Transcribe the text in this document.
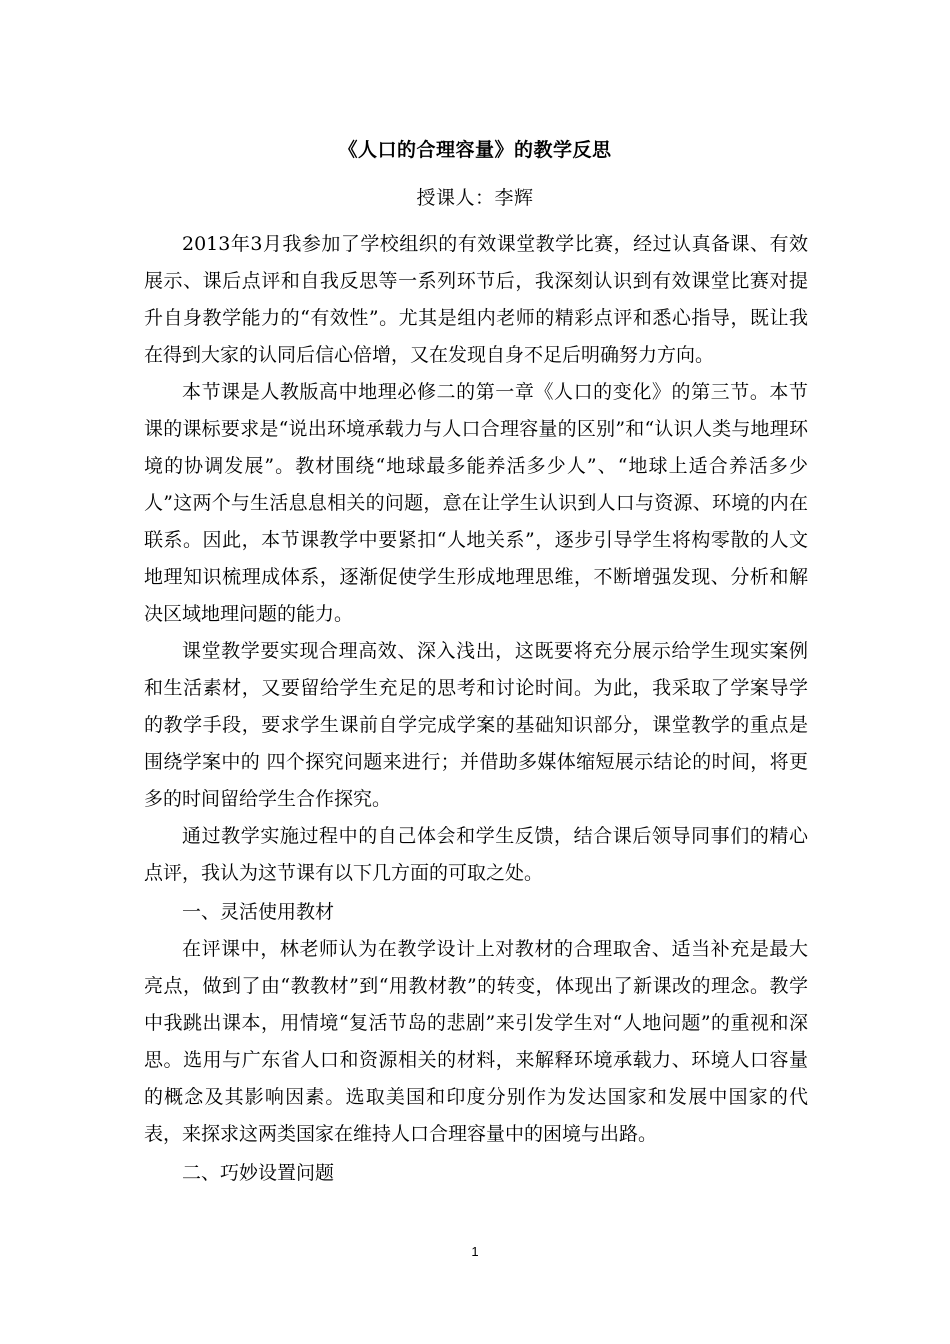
《人口的合理容量》的教学反思
授课人：李辉

2013年3月我参加了学校组织的有效课堂教学比赛，经过认真备课、有效展示、课后点评和自我反思等一系列环节后，我深刻认识到有效课堂比赛对提升自身教学能力的“有效性”。尤其是组内老师的精彩点评和悉心指导，既让我在得到大家的认同后信心倍增，又在发现自身不足后明确努力方向。

本节课是人教版高中地理必修二的第一章《人口的变化》的第三节。本节课的课标要求是“说出环境承载力与人口合理容量的区别”和“认识人类与地理环境的协调发展”。教材围绕“地球最多能养活多少人”、“地球上适合养活多少人”这两个与生活息息相关的问题，意在让学生认识到人口与资源、环境的内在联系。因此，本节课教学中要紧扣“人地关系”，逐步引导学生将构零散的人文地理知识梳理成体系，逐渐促使学生形成地理思维，不断增强发现、分析和解决区域地理问题的能力。

课堂教学要实现合理高效、深入浅出，这既要将充分展示给学生现实案例和生活素材，又要留给学生充足的思考和讨论时间。为此，我采取了学案导学的教学手段，要求学生课前自学完成学案的基础知识部分，课堂教学的重点是围绕学案中的 四个探究问题来进行；并借助多媒体缩短展示结论的时间，将更多的时间留给学生合作探究。

通过教学实施过程中的自己体会和学生反馈，结合课后领导同事们的精心点评，我认为这节课有以下几方面的可取之处。

一、灵活使用教材

在评课中，林老师认为在教学设计上对教材的合理取舍、适当补充是最大亮点，做到了由“教教材”到“用教材教”的转变，体现出了新课改的理念。教学中我跳出课本，用情境“复活节岛的悲剧”来引发学生对“人地问题”的重视和深思。选用与广东省人口和资源相关的材料，来解释环境承载力、环境人口容量的概念及其影响因素。选取美国和印度分别作为发达国家和发展中国家的代表，来探求这两类国家在维持人口合理容量中的困境与出路。

二、巧妙设置问题

1
